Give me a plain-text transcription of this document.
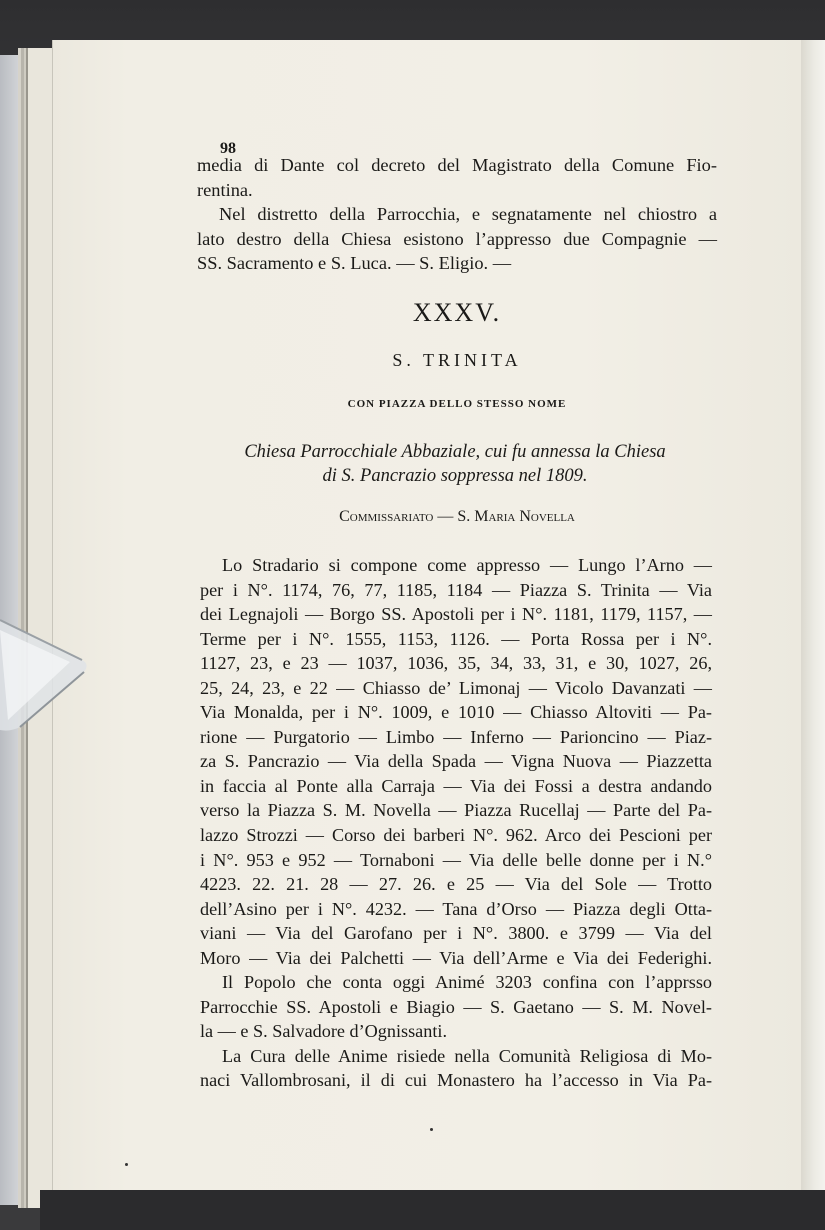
98
media di Dante col decreto del Magistrato della Comune Fio-
rentina.
Nel distretto della Parrocchia, e segnatamente nel chiostro a
lato destro della Chiesa esistono l’appresso due Compagnie —
SS. Sacramento e S. Luca. — S. Eligio. —
XXXV.
S. TRINITA
CON PIAZZA DELLO STESSO NOME
Chiesa Parrocchiale Abbaziale, cui fu annessa la Chiesa
di S. Pancrazio soppressa nel 1809.
Commissariato — S. Maria Novella
Lo Stradario si compone come appresso — Lungo l’Arno —
per i N°. 1174, 76, 77, 1185, 1184 — Piazza S. Trinita — Via
dei Legnajoli — Borgo SS. Apostoli per i N°. 1181, 1179, 1157, —
Terme per i N°. 1555, 1153, 1126. — Porta Rossa per i N°.
1127, 23, e 23 — 1037, 1036, 35, 34, 33, 31, e 30, 1027, 26,
25, 24, 23, e 22 — Chiasso de’ Limonaj — Vicolo Davanzati —
Via Monalda, per i N°. 1009, e 1010 — Chiasso Altoviti — Pa-
rione — Purgatorio — Limbo — Inferno — Parioncino — Piaz-
za S. Pancrazio — Via della Spada — Vigna Nuova — Piazzetta
in faccia al Ponte alla Carraja — Via dei Fossi a destra andando
verso la Piazza S. M. Novella — Piazza Rucellaj — Parte del Pa-
lazzo Strozzi — Corso dei barberi N°. 962. Arco dei Pescioni per
i N°. 953 e 952 — Tornaboni — Via delle belle donne per i N.°
4223. 22. 21. 28 — 27. 26. e 25 — Via del Sole — Trotto
dell’Asino per i N°. 4232. — Tana d’Orso — Piazza degli Otta-
viani — Via del Garofano per i N°. 3800. e 3799 — Via del
Moro — Via dei Palchetti — Via dell’Arme e Via dei Federighi.
Il Popolo che conta oggi Animé 3203 confina con l’apprsso
Parrocchie SS. Apostoli e Biagio — S. Gaetano — S. M. Novel-
la — e S. Salvadore d’Ognissanti.
La Cura delle Anime risiede nella Comunità Religiosa di Mo-
naci Vallombrosani, il di cui Monastero ha l’accesso in Via Pa-
